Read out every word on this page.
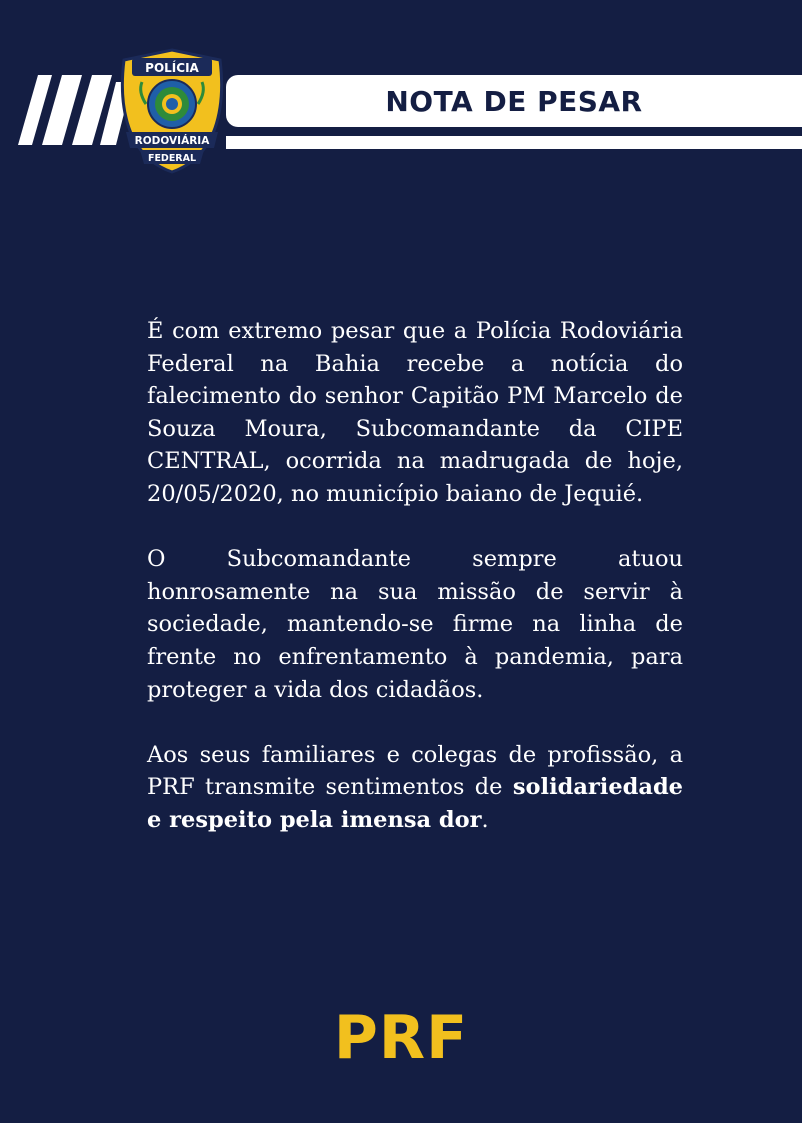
NOTA DE PESAR
POLÍCIA
RODOVIÁRIA
FEDERAL

É com extremo pesar que a Polícia Rodoviária Federal na Bahia recebe a notícia do falecimento do senhor Capitão PM Marcelo de Souza Moura, Subcomandante da CIPE CENTRAL, ocorrida na madrugada de hoje, 20/05/2020, no município baiano de Jequié.

O Subcomandante sempre atuou honrosamente na sua missão de servir à sociedade, mantendo-se firme na linha de frente no enfrentamento à pandemia, para proteger a vida dos cidadãos.

Aos seus familiares e colegas de profissão, a PRF transmite sentimentos de solidariedade e respeito pela imensa dor.

PRF
